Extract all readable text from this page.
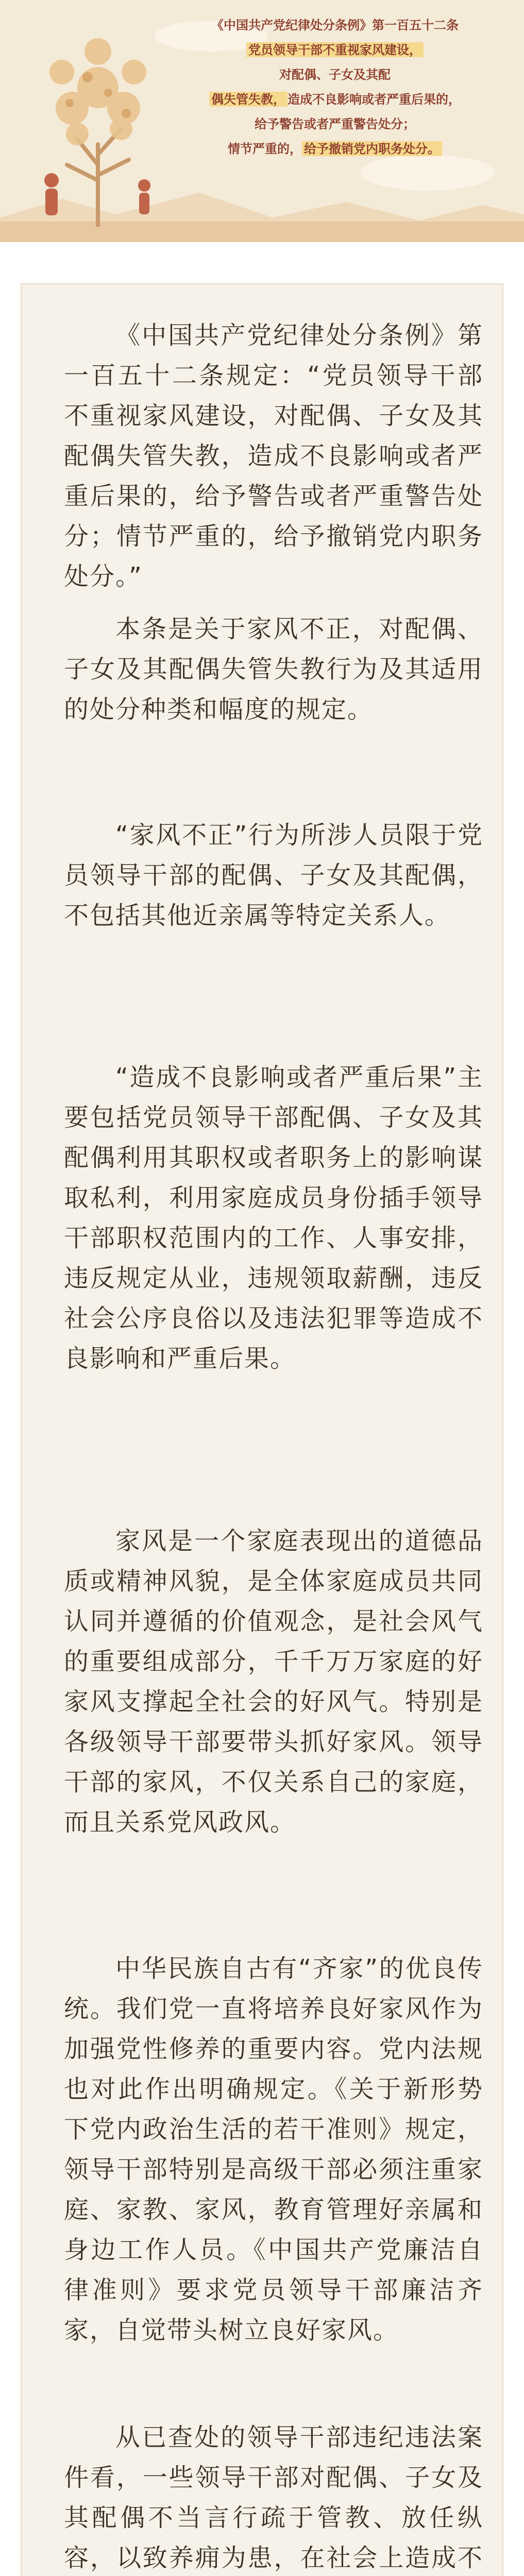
《中国共产党纪律处分条例》第一百五十二条
党员领导干部不重视家风建设，
对配偶、子女及其配
偶失管失教， 造成不良影响或者严重后果的，
给予警告或者严重警告处分；
情节严重的， 给予撤销党内职务处分。

《中国共产党纪律处分条例》第一百五十二条规定：“党员领导干部不重视家风建设，对配偶、子女及其配偶失管失教，造成不良影响或者严重后果的，给予警告或者严重警告处分；情节严重的，给予撤销党内职务处分。”

本条是关于家风不正，对配偶、子女及其配偶失管失教行为及其适用的处分种类和幅度的规定。

“家风不正”行为所涉人员限于党员领导干部的配偶、子女及其配偶，不包括其他近亲属等特定关系人。

“造成不良影响或者严重后果”主要包括党员领导干部配偶、子女及其配偶利用其职权或者职务上的影响谋取私利，利用家庭成员身份插手领导干部职权范围内的工作、人事安排，违反规定从业，违规领取薪酬，违反社会公序良俗以及违法犯罪等造成不良影响和严重后果。

家风是一个家庭表现出的道德品质或精神风貌，是全体家庭成员共同认同并遵循的价值观念，是社会风气的重要组成部分，千千万万家庭的好家风支撑起全社会的好风气。特别是各级领导干部要带头抓好家风。领导干部的家风，不仅关系自己的家庭，而且关系党风政风。

中华民族自古有“齐家”的优良传统。我们党一直将培养良好家风作为加强党性修养的重要内容。党内法规也对此作出明确规定。《关于新形势下党内政治生活的若干准则》规定，领导干部特别是高级干部必须注重家庭、家教、家风，教育管理好亲属和身边工作人员。《中国共产党廉洁自律准则》要求党员领导干部廉洁齐家，自觉带头树立良好家风。

从已查处的领导干部违纪违法案件看，一些领导干部对配偶、子女及其配偶不当言行疏于管教、放任纵容，以致养痈为患，在社会上造成不
